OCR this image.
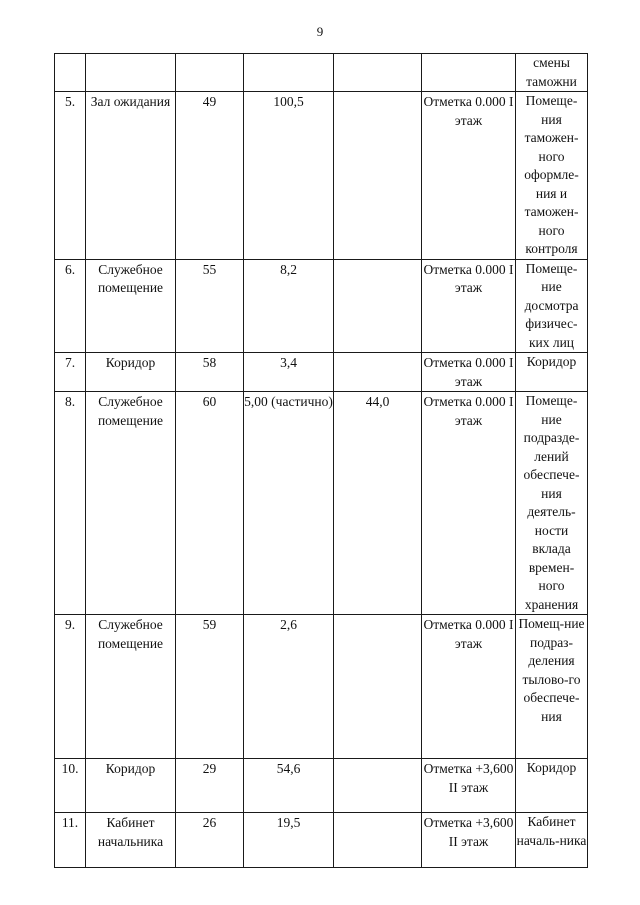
9

						смены таможни

5.	Зал ожидания	49	100,5		Отметка 0.000 I этаж	Помеще-ния таможен-ного оформле-ния и таможен-ного контроля

6.	Служебное помещение	55	8,2		Отметка 0.000 I этаж	Помеще-ние досмотра физичес-ких лиц

7.	Коридор	58	3,4		Отметка 0.000 I этаж	Коридор

8.	Служебное помещение	60	5,00 (частично)	44,0	Отметка 0.000 I этаж	Помеще-ние подразде-лений обеспече-ния деятель-ности вклада времен-ного хранения

9.	Служебное помещение	59	2,6		Отметка 0.000 I этаж	Помещ-ние подраз-деления тылово-го обеспече-ния

10.	Коридор	29	54,6		Отметка +3,600 II этаж	Коридор

11.	Кабинет начальника	26	19,5		Отметка +3,600 II этаж	Кабинет началь-ника
